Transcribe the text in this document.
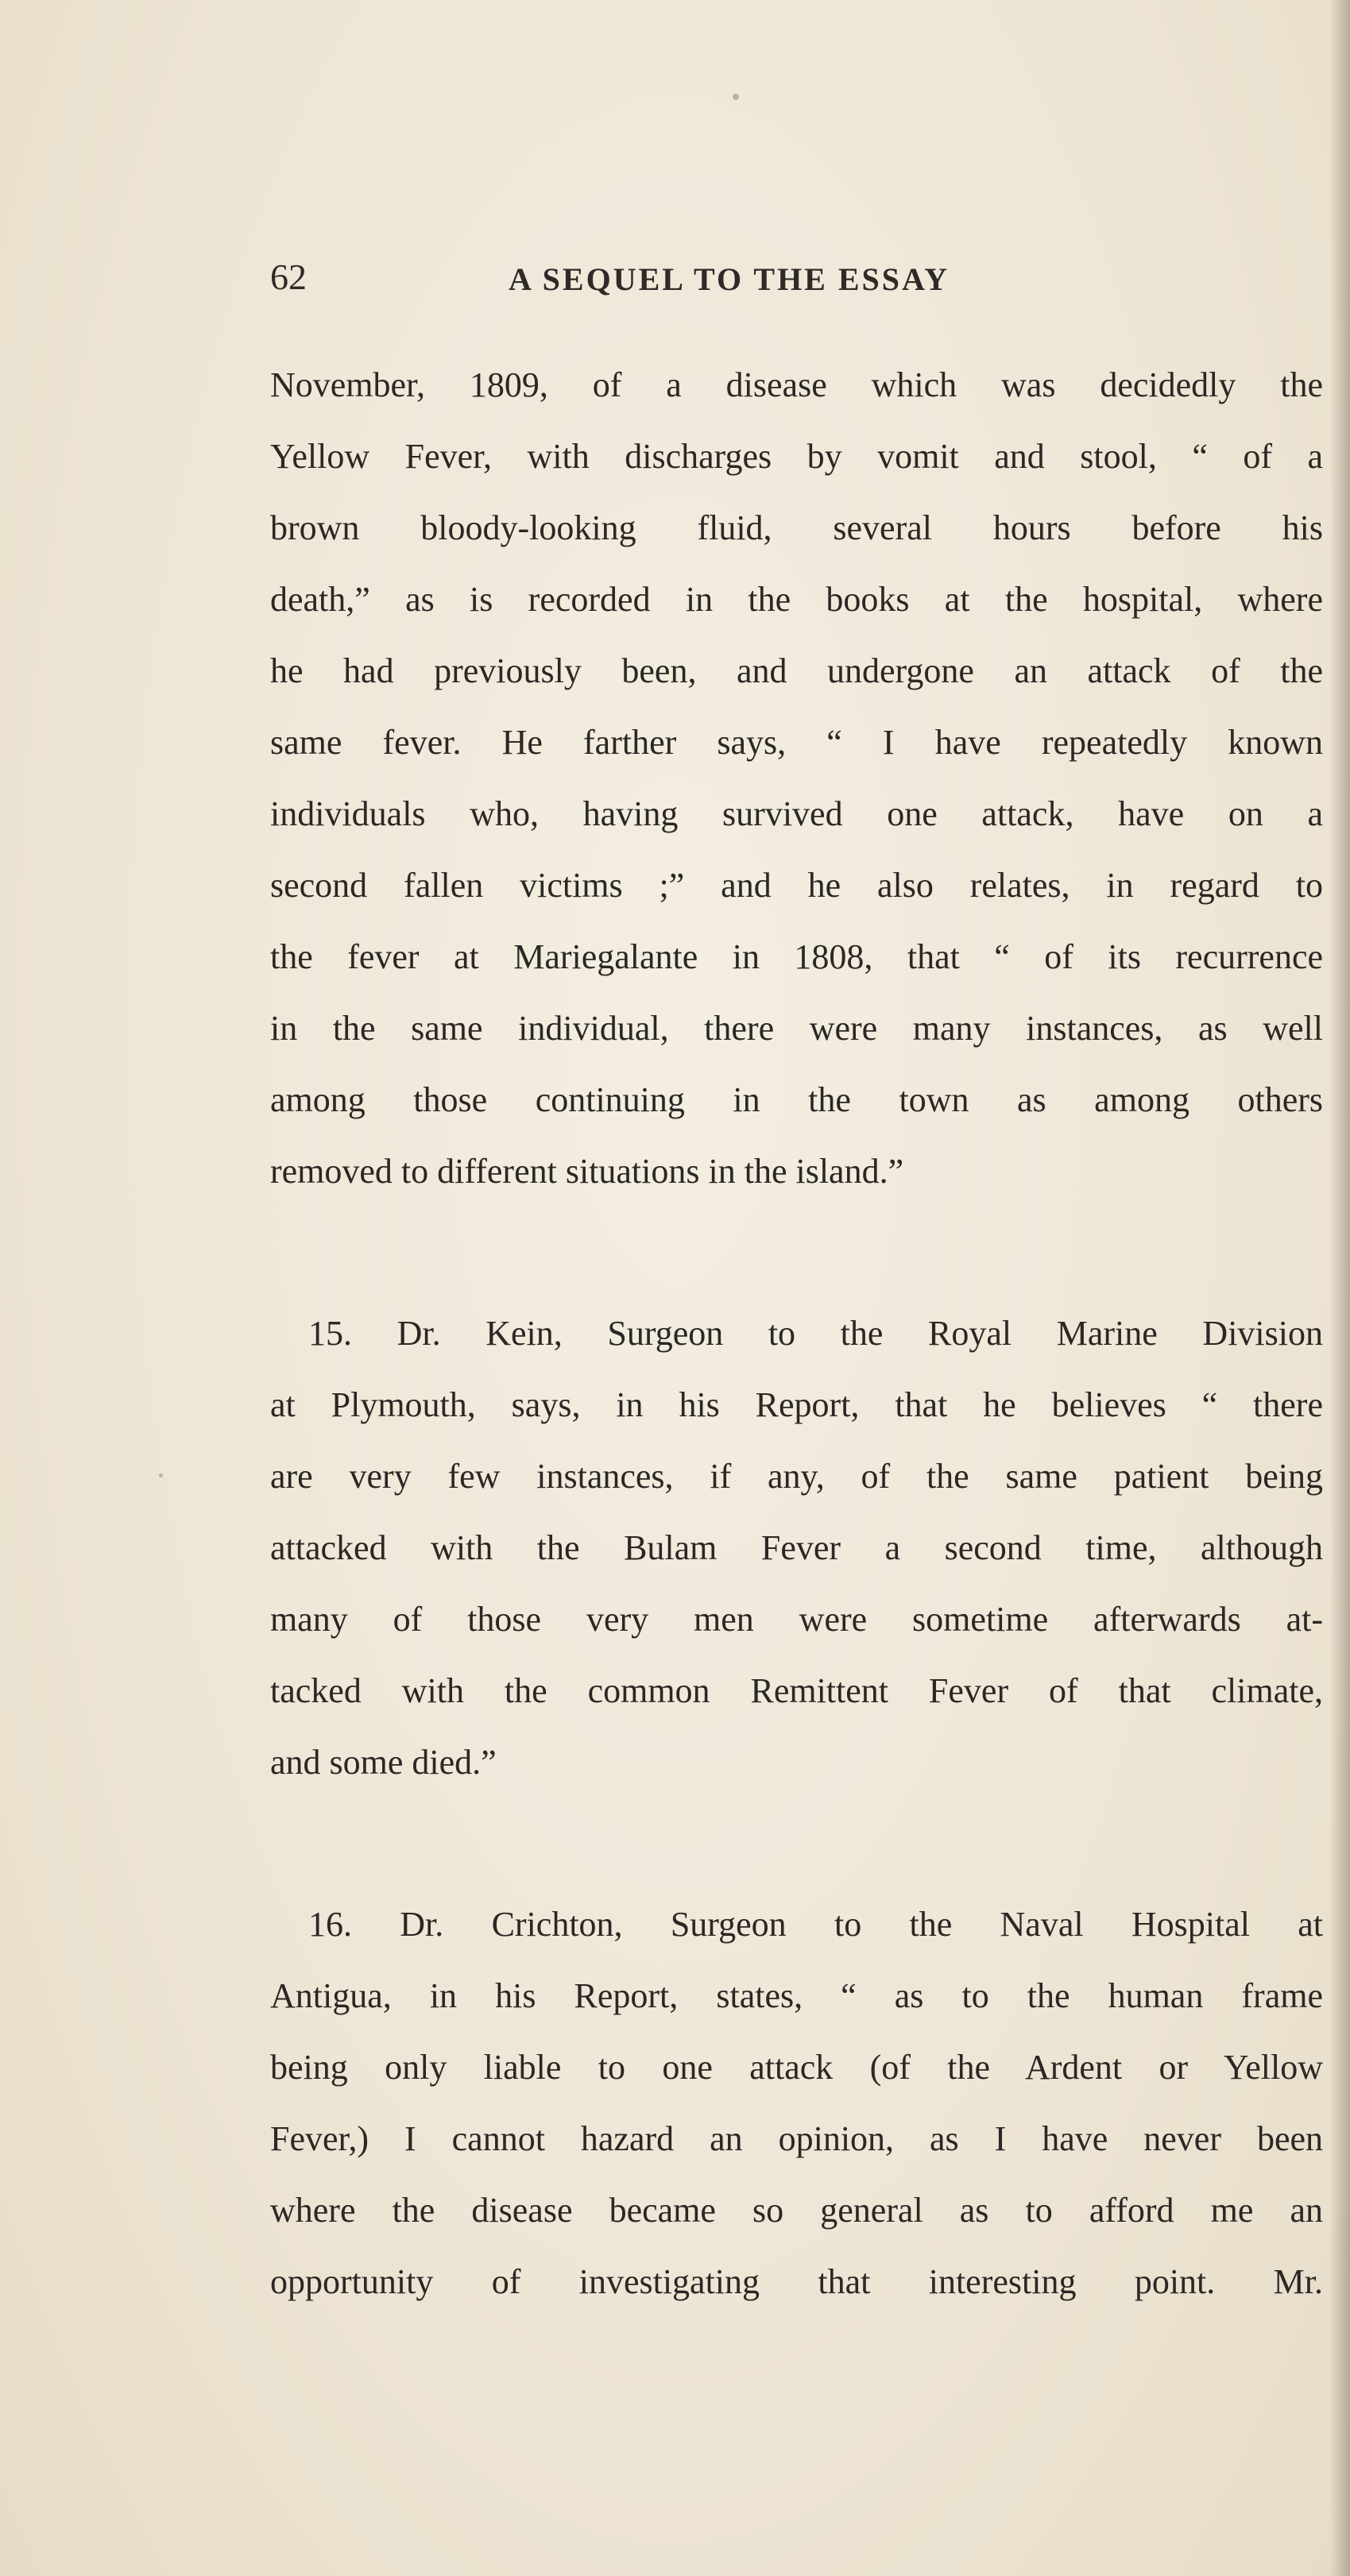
62	A SEQUEL TO THE ESSAY
November, 1809, of a disease which was decidedly the
Yellow Fever, with discharges by vomit and stool, “ of a
brown bloody-looking fluid, several hours before his
death,” as is recorded in the books at the hospital, where
he had previously been, and undergone an attack of the
same fever. He farther says, “ I have repeatedly known
individuals who, having survived one attack, have on a
second fallen victims ;” and he also relates, in regard to
the fever at Mariegalante in 1808, that “ of its recurrence
in the same individual, there were many instances, as well
among those continuing in the town as among others
removed to different situations in the island.”
15. Dr. Kein, Surgeon to the Royal Marine Division
at Plymouth, says, in his Report, that he believes “ there
are very few instances, if any, of the same patient being
attacked with the Bulam Fever a second time, although
many of those very men were sometime afterwards at-
tacked with the common Remittent Fever of that climate,
and some died.”
16. Dr. Crichton, Surgeon to the Naval Hospital at
Antigua, in his Report, states, “ as to the human frame
being only liable to one attack (of the Ardent or Yellow
Fever,) I cannot hazard an opinion, as I have never been
where the disease became so general as to afford me an
opportunity of investigating that interesting point. Mr.
